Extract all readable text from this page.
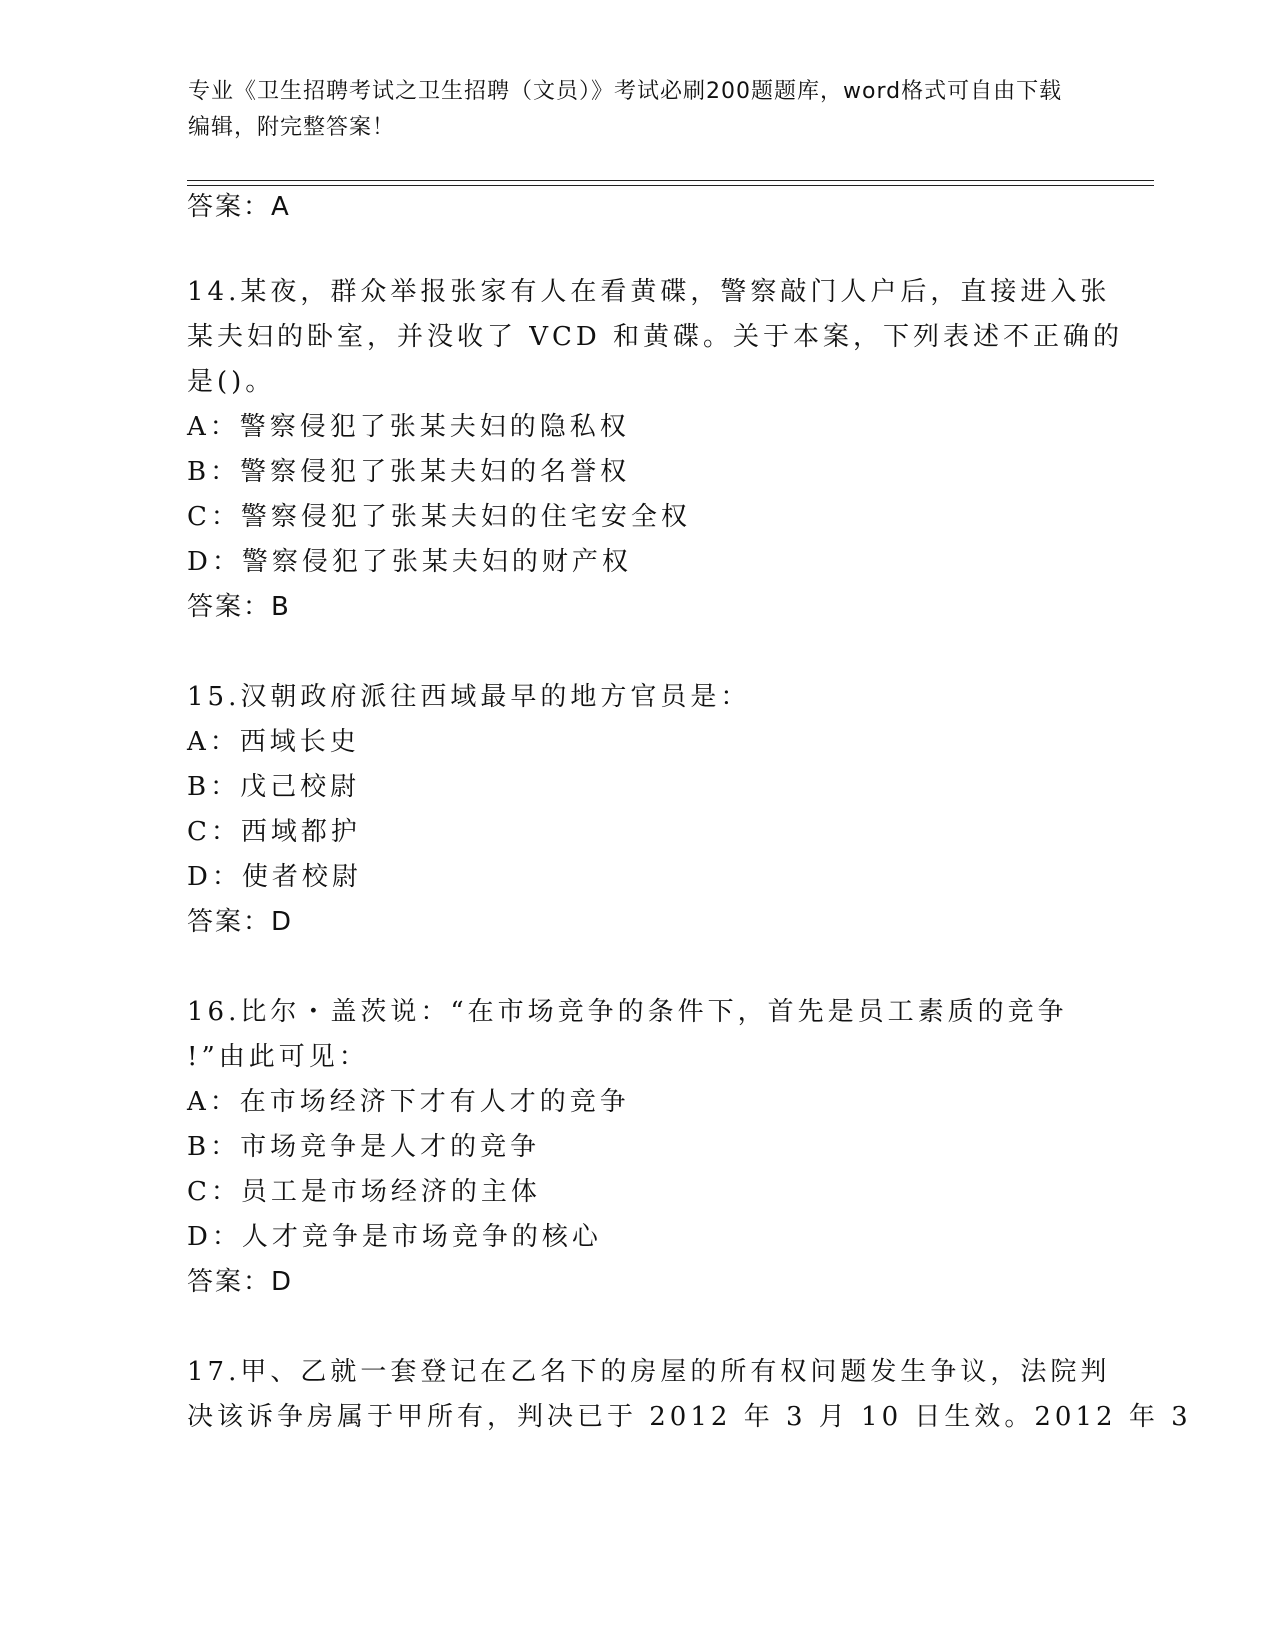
专业《卫生招聘考试之卫生招聘（文员）》考试必刷200题题库，word格式可自由下载编辑，附完整答案！
答案：A
14.某夜，群众举报张家有人在看黄碟，警察敲门人户后，直接进入张
某夫妇的卧室，并没收了 VCD 和黄碟。关于本案，下列表述不正确的
是()。
A：警察侵犯了张某夫妇的隐私权
B：警察侵犯了张某夫妇的名誉权
C：警察侵犯了张某夫妇的住宅安全权
D：警察侵犯了张某夫妇的财产权
答案：B
15.汉朝政府派往西域最早的地方官员是：
A：西域长史
B：戊己校尉
C：西域都护
D：使者校尉
答案：D
16.比尔・盖茨说：“在市场竞争的条件下，首先是员工素质的竞争
!”由此可见：
A：在市场经济下才有人才的竞争
B：市场竞争是人才的竞争
C：员工是市场经济的主体
D：人才竞争是市场竞争的核心
答案：D
17.甲、乙就一套登记在乙名下的房屋的所有权问题发生争议，法院判
决该诉争房属于甲所有，判决已于 2012 年 3 月 10 日生效。2012 年 3
